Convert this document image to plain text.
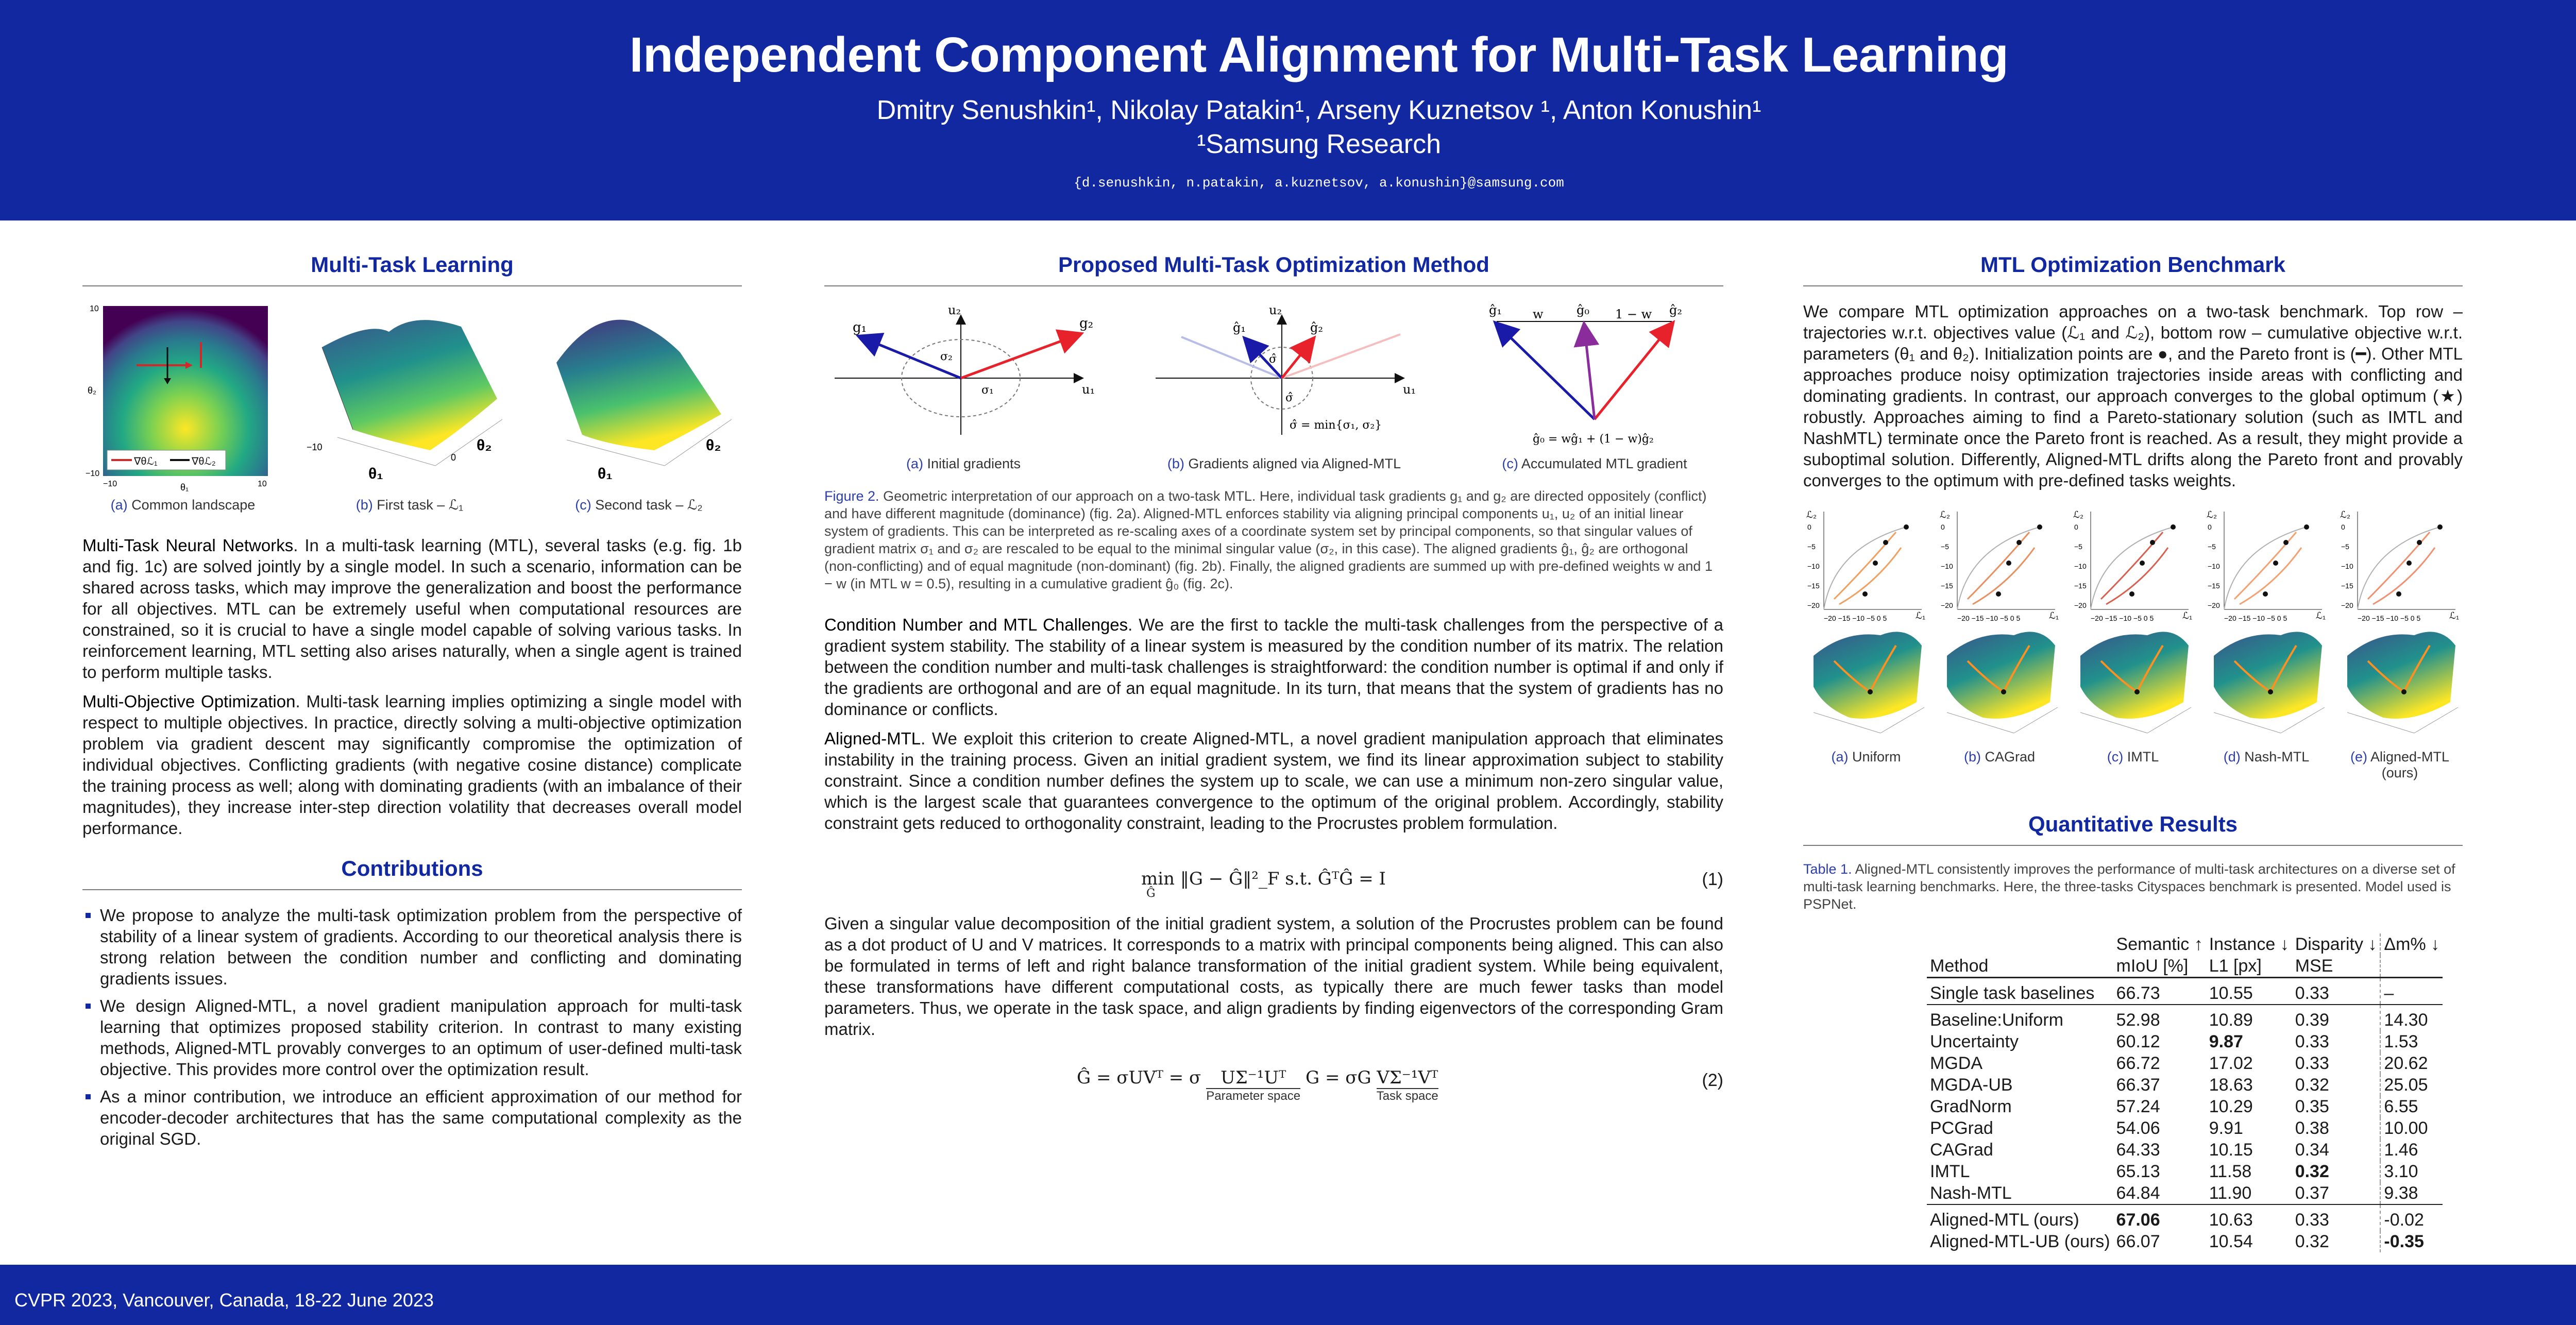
Independent Component Alignment for Multi-Task Learning
Dmitry Senushkin¹, Nikolay Patakin¹, Arseny Kuznetsov ¹, Anton Konushin¹
¹Samsung Research
{d.senushkin, n.patakin, a.kuznetsov, a.konushin}@samsung.com
Multi-Task Learning
∇θℒ₁	∇θℒ₂
10
−10
−10	10
θ₂
θ₁
(a) Common landscape
−10
0
θ₁
θ₂
(b) First task – ℒ₁
θ₁
θ₂
(c) Second task – ℒ₂

Multi-Task Neural Networks. In a multi-task learning (MTL), several tasks (e.g. fig. 1b and fig. 1c) are solved jointly by a single model. In such a scenario, information can be shared across tasks, which may improve the generalization and boost the performance for all objectives. MTL can be extremely useful when computational resources are constrained, so it is crucial to have a single model capable of solving various tasks. In reinforcement learning, MTL setting also arises naturally, when a single agent is trained to perform multiple tasks.

Multi-Objective Optimization. Multi-task learning implies optimizing a single model with respect to multiple objectives. In practice, directly solving a multi-objective optimization problem via gradient descent may significantly compromise the optimization of individual objectives. Conflicting gradients (with negative cosine distance) complicate the training process as well; along with dominating gradients (with an imbalance of their magnitudes), they increase inter-step direction volatility that decreases overall model performance.

Contributions
We propose to analyze the multi-task optimization problem from the perspective of stability of a linear system of gradients. According to our theoretical analysis there is strong relation between the condition number and conflicting and dominating gradients issues.
We design Aligned-MTL, a novel gradient manipulation approach for multi-task learning that optimizes proposed stability criterion. In contrast to many existing methods, Aligned-MTL provably converges to an optimum of user-defined multi-task objective. This provides more control over the optimization result.
As a minor contribution, we introduce an efficient approximation of our method for encoder-decoder architectures that has the same computational complexity as the original SGD.
Proposed Multi-Task Optimization Method
g₁	g₂
u₁
u₂
σ₂
σ₁
(a) Initial gradients
ĝ₁	ĝ₂
u₁
u₂
σ̂
σ̂
σ̂ = min{σ₁, σ₂}
(b) Gradients aligned via Aligned-MTL
ĝ₁	ĝ₀	ĝ₂
w	1 − w
ĝ₀ = wĝ₁ + (1 − w)ĝ₂
(c) Accumulated MTL gradient

Figure 2. Geometric interpretation of our approach on a two-task MTL. Here, individual task gradients g₁ and g₂ are directed oppositely (conflict) and have different magnitude (dominance) (fig. 2a). Aligned-MTL enforces stability via aligning principal components u₁, u₂ of an initial linear system of gradients. This can be interpreted as re-scaling axes of a coordinate system set by principal components, so that singular values of gradient matrix σ₁ and σ₂ are rescaled to be equal to the minimal singular value (σ₂, in this case). The aligned gradients ĝ₁, ĝ₂ are orthogonal (non-conflicting) and of equal magnitude (non-dominant) (fig. 2b). Finally, the aligned gradients are summed up with pre-defined weights w and 1 − w (in MTL w = 0.5), resulting in a cumulative gradient ĝ₀ (fig. 2c).

Condition Number and MTL Challenges. We are the first to tackle the multi-task challenges from the perspective of a gradient system stability. The stability of a linear system is measured by the condition number of its matrix. The relation between the condition number and multi-task challenges is straightforward: the condition number is optimal if and only if the gradients are orthogonal and are of an equal magnitude. In its turn, that means that the system of gradients has no dominance or conflicts.

Aligned-MTL. We exploit this criterion to create Aligned-MTL, a novel gradient manipulation approach that eliminates instability in the training process. Given an initial gradient system, we find its linear approximation subject to stability constraint. Since a condition number defines the system up to scale, we can use a minimum non-zero singular value, which is the largest scale that guarantees convergence to the optimum of the original problem. Accordingly, stability constraint gets reduced to orthogonality constraint, leading to the Procrustes problem formulation.

min ‖G − Ĝ‖²_F s.t. ĜᵀĜ = I
Ĝ
(1)

Given a singular value decomposition of the initial gradient system, a solution of the Procrustes problem can be found as a dot product of U and V matrices. It corresponds to a matrix with principal components being aligned. This can also be formulated in terms of left and right balance transformation of the initial gradient system. While being equivalent, these transformations have different computational costs, as typically there are much fewer tasks than model parameters. Thus, we operate in the task space, and align gradients by finding eigenvectors of the corresponding Gram matrix.

Ĝ = σUVᵀ = σ	UΣ⁻¹Uᵀ
Parameter space
G = σG VΣ⁻¹Vᵀ
Task space
(2)
MTL Optimization Benchmark

We compare MTL optimization approaches on a two-task benchmark. Top row – trajectories w.r.t. objectives value (ℒ₁ and ℒ₂), bottom row – cumulative objective w.r.t. parameters (θ₁ and θ₂). Initialization points are ●, and the Pareto front is (━). Other MTL approaches produce noisy optimization trajectories inside areas with conflicting and dominating gradients. In contrast, our approach converges to the global optimum (★) robustly. Approaches aiming to find a Pareto-stationary solution (such as IMTL and NashMTL) terminate once the Pareto front is reached. As a result, they might provide a suboptimal solution. Differently, Aligned-MTL drifts along the Pareto front and provably converges to the optimum with pre-defined tasks weights.

ℒ₂
ℒ₁
−20 −15 −10 −5 0 5
0
−5
−10
−15
−20
(a) Uniform
ℒ₂
ℒ₁
−20 −15 −10 −5 0 5
0
−5
−10
−15
−20
(b) CAGrad
ℒ₂
ℒ₁
−20 −15 −10 −5 0 5
0
−5
−10
−15
−20
(c) IMTL
ℒ₂
ℒ₁
−20 −15 −10 −5 0 5
0
−5
−10
−15
−20
(d) Nash-MTL
ℒ₂
ℒ₁
−20 −15 −10 −5 0 5
0
−5
−10
−15
−20
(e) Aligned-MTL (ours)
Quantitative Results

Table 1. Aligned-MTL consistently improves the performance of multi-task architectures on a diverse set of multi-task learning benchmarks. Here, the three-tasks Cityspaces benchmark is presented. Model used is PSPNet.

	Semantic ↑	Instance ↓	Disparity ↓	Δm% ↓
Method	mIoU [%]	L1 [px]	MSE	
Single task baselines	66.73	10.55	0.33	–
Baseline:Uniform	52.98	10.89	0.39	14.30
Uncertainty	60.12	9.87	0.33	1.53
MGDA	66.72	17.02	0.33	20.62
MGDA-UB	66.37	18.63	0.32	25.05
GradNorm	57.24	10.29	0.35	6.55
PCGrad	54.06	9.91	0.38	10.00
CAGrad	64.33	10.15	0.34	1.46
IMTL	65.13	11.58	0.32	3.10
Nash-MTL	64.84	11.90	0.37	9.38
Aligned-MTL (ours)	67.06	10.63	0.33	-0.02
Aligned-MTL-UB (ours)	66.07	10.54	0.32	-0.35
CVPR 2023, Vancouver, Canada, 18-22 June 2023
